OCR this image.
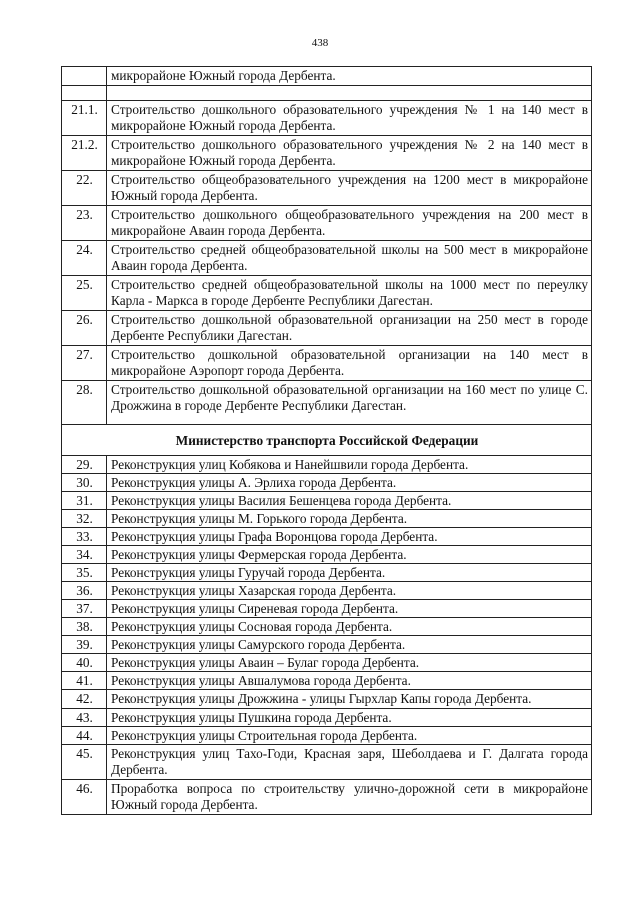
438
	микрорайоне Южный города Дербента.

21.1.	Строительство дошкольного образовательного учреждения № 1 на 140 мест в микрорайоне Южный города Дербента.
21.2.	Строительство дошкольного образовательного учреждения № 2 на 140 мест в микрорайоне Южный города Дербента.
22.	Строительство общеобразовательного учреждения на 1200 мест в микрорайоне Южный города Дербента.
23.	Строительство дошкольного общеобразовательного учреждения на 200 мест в микрорайоне Аваин города Дербента.
24.	Строительство средней общеобразовательной школы на 500 мест в микрорайоне Аваин города Дербента.
25.	Строительство средней общеобразовательной школы на 1000 мест по переулку Карла - Маркса в городе Дербенте Республики Дагестан.
26.	Строительство дошкольной образовательной организации на 250 мест в городе Дербенте Республики Дагестан.
27.	Строительство дошкольной образовательной организации на 140 мест в микрорайоне Аэропорт города Дербента.
28.	Строительство дошкольной образовательной организации на 160 мест по улице С. Дрожжина в городе Дербенте Республики Дагестан.
Министерство транспорта Российской Федерации	
29.	Реконструкция улиц Кобякова и Нанейшвили города Дербента.
30.	Реконструкция улицы А. Эрлиха города Дербента.
31.	Реконструкция улицы Василия Бешенцева города Дербента.
32.	Реконструкция улицы М. Горького города Дербента.
33.	Реконструкция улицы Графа Воронцова города Дербента.
34.	Реконструкция улицы Фермерская города Дербента.
35.	Реконструкция улицы Гуручай города Дербента.
36.	Реконструкция улицы Хазарская города Дербента.
37.	Реконструкция улицы Сиреневая города Дербента.
38.	Реконструкция улицы Сосновая города Дербента.
39.	Реконструкция улицы Самурского города Дербента.
40.	Реконструкция улицы Аваин – Булаг города Дербента.
41.	Реконструкция улицы Авшалумова города Дербента.
42.	Реконструкция улицы Дрожжина - улицы Гырхлар Капы города Дербента.
43.	Реконструкция улицы Пушкина города Дербента.
44.	Реконструкция улицы Строительная города Дербента.
45.	Реконструкция улиц Тахо-Годи, Красная заря, Шеболдаева и Г. Далгата города Дербента.
46.	Проработка вопроса по строительству улично-дорожной сети в микрорайоне Южный города Дербента.
